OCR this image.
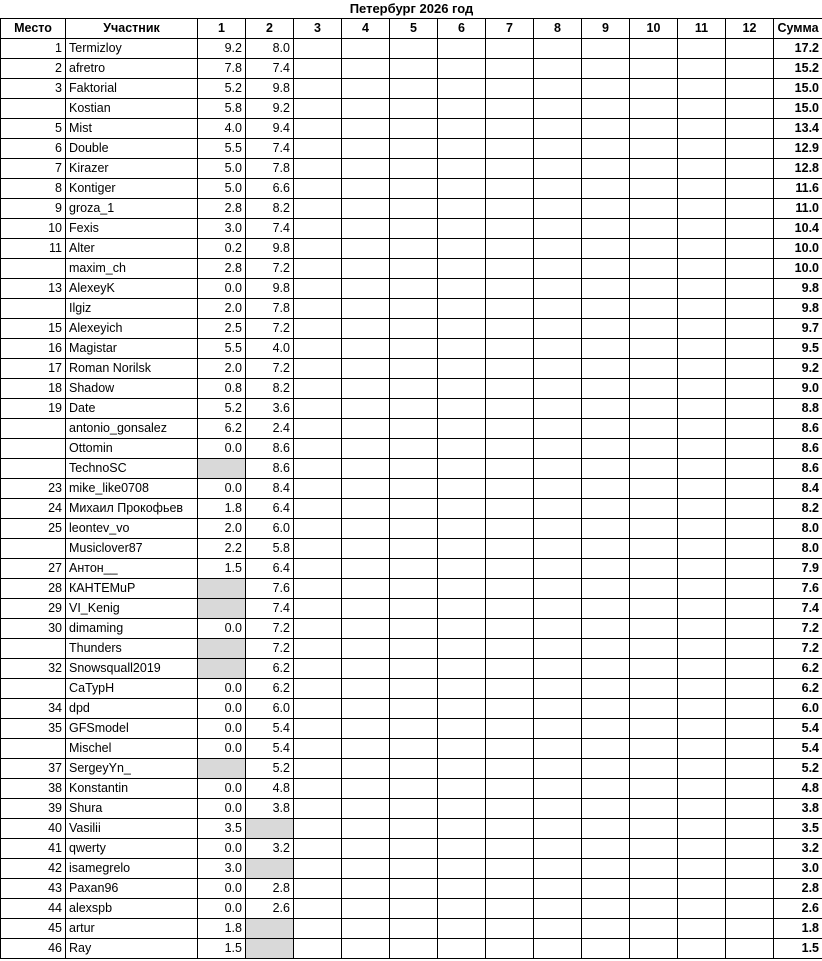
Петербург 2026 год														
Место	Участник	1	2	3	4	5	6	7	8	9	10	11	12	Сумма
1	Termizloy	9.2	8.0											17.2
2	afretro	7.8	7.4											15.2
3	Faktorial	5.2	9.8											15.0
	Kostian	5.8	9.2											15.0
5	Mist	4.0	9.4											13.4
6	Double	5.5	7.4											12.9
7	Kirazer	5.0	7.8											12.8
8	Kontiger	5.0	6.6											11.6
9	groza_1	2.8	8.2											11.0
10	Fexis	3.0	7.4											10.4
11	Alter	0.2	9.8											10.0
	maxim_ch	2.8	7.2											10.0
13	AlexeyK	0.0	9.8											9.8
	Ilgiz	2.0	7.8											9.8
15	Alexeyich	2.5	7.2											9.7
16	Magistar	5.5	4.0											9.5
17	Roman Norilsk	2.0	7.2											9.2
18	Shadow	0.8	8.2											9.0
19	Date	5.2	3.6											8.8
	antonio_gonsalez	6.2	2.4											8.6
	Ottomin	0.0	8.6											8.6
	TechnoSC		8.6											8.6
23	mike_like0708	0.0	8.4											8.4
24	Михаил Прокофьев	1.8	6.4											8.2
25	leontev_vo	2.0	6.0											8.0
	Musiclover87	2.2	5.8											8.0
27	Антон__	1.5	6.4											7.9
28	КАНТЕМuР		7.6											7.6
29	VI_Kenig		7.4											7.4
30	dimaming	0.0	7.2											7.2
	Thunders		7.2											7.2
32	Snowsquall2019		6.2											6.2
	СаТурН	0.0	6.2											6.2
34	dpd	0.0	6.0											6.0
35	GFSmodel	0.0	5.4											5.4
	Mischel	0.0	5.4											5.4
37	SergeyYn_		5.2											5.2
38	Konstantin	0.0	4.8											4.8
39	Shura	0.0	3.8											3.8
40	Vasilii	3.5												3.5
41	qwerty	0.0	3.2											3.2
42	isamegrelo	3.0												3.0
43	Paxan96	0.0	2.8											2.8
44	alexspb	0.0	2.6											2.6
45	artur	1.8												1.8
46	Ray	1.5												1.5
